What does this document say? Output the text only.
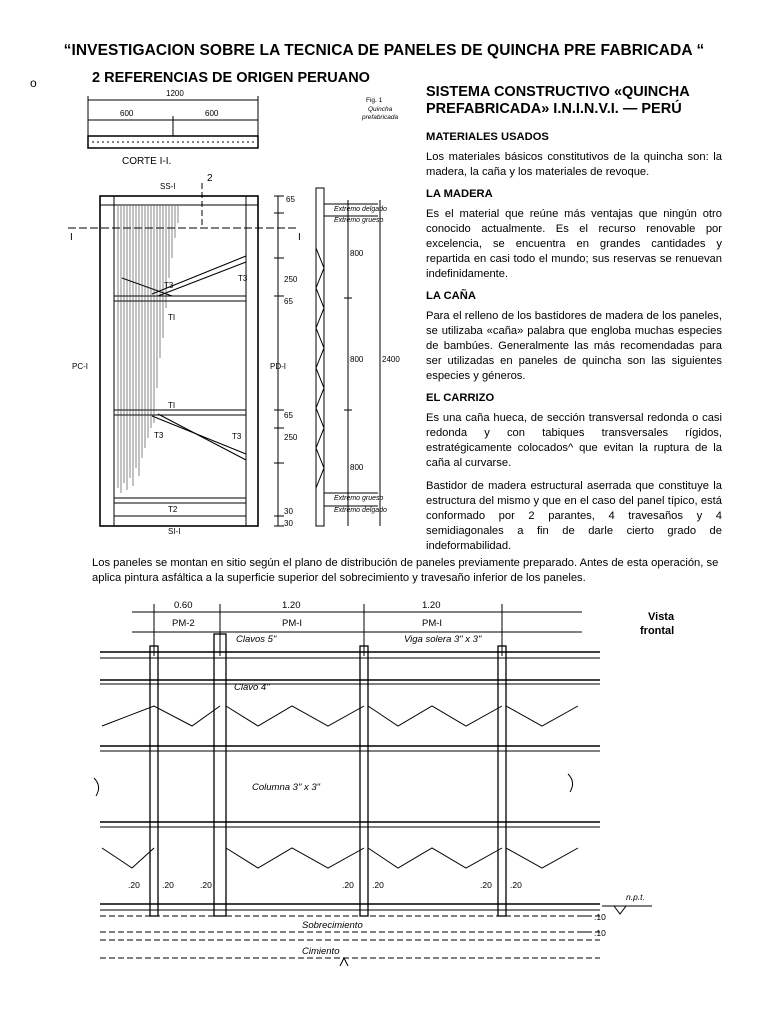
“INVESTIGACION SOBRE LA TECNICA DE PANELES DE QUINCHA PRE FABRICADA “
o	2 REFERENCIAS DE ORIGEN PERUANO
1200
600	600
Fig. 1
Quincha
prefabricada
CORTE I-I.
SS-I
2
I	I
T3
T3
TI
PC-I	PD-I
TI
T3	T3
T2
SI-I
65
250
65
65
250
30
30
800
800
800
2400
Extremo delgado
Extremo grueso
Extremo grueso
Extremo delgado
SISTEMA CONSTRUCTIVO «QUINCHA PREFABRICADA» I.N.I.N.V.I. — PERÚ
MATERIALES USADOS

Los materiales básicos constitutivos de la quincha son: la madera, la caña y los materiales de revoque.

LA MADERA

Es el material que reúne más ventajas que ningún otro conocido actualmente. Es el recurso renovable por excelencia, se encuentra en grandes cantidades y repartida en casi todo el mundo; sus reservas se renuevan indefinidamente.

LA CAÑA

Para el relleno de los bastidores de madera de los paneles, se utilizaba «caña» palabra que engloba muchas especies de bambúes. Generalmente las más recomendadas para ser utilizadas en paneles de quincha son las siguientes especies y géneros.

EL CARRIZO

Es una caña hueca, de sección transversal redonda o casi redonda y con tabiques transversales rígidos, estratégicamente colocados^ que evitan la ruptura de la caña al curvarse.

Bastidor de madera estructural aserrada que constituye la estructura del mismo y que en el caso del panel típico, está conformado por 2 parantes, 4 travesaños y 4 semidiagonales a fin de darle cierto grado de indeformabilidad.

Los paneles se montan en sitio según el plano de distribución de paneles previamente preparado. Antes de esta operación, se aplica pintura asfáltica a la superficie superior del sobrecimiento y travesaño inferior de los paneles.
0.60	1.20	1.20
PM-2	PM-I	PM-I
Vista
frontal
Clavos 5"	Viga solera 3" x 3"
Clavo 4"
Columna 3" x 3"
.20	.20	.20	.20 .20	.20 .20
n.p.t.
.10
.10
Sobrecimiento
Cimiento
